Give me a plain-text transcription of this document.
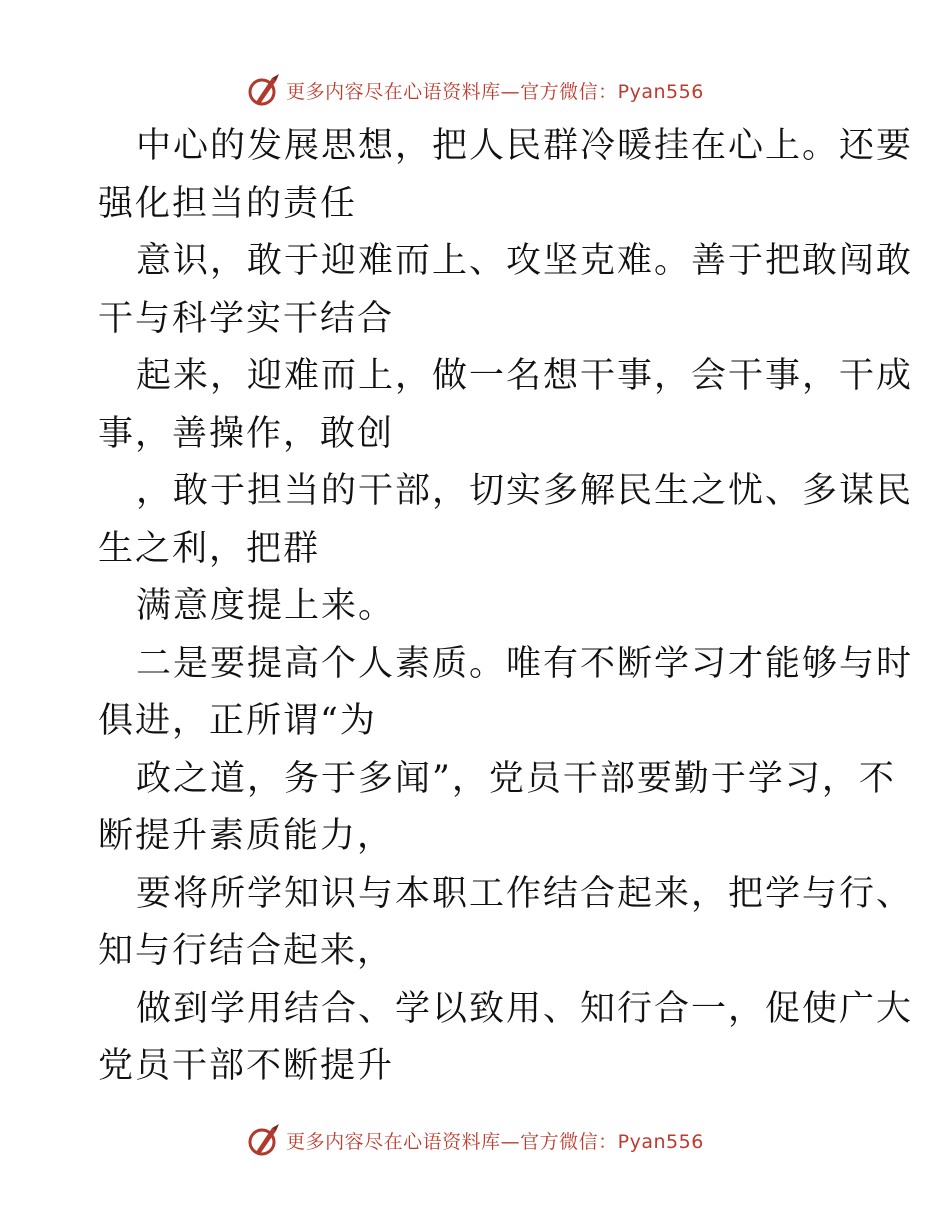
更多内容尽在心语资料库—官方微信：Pyan556
中心的发展思想，把人民群冷暖挂在心上。还要
强化担当的责任
意识，敢于迎难而上、攻坚克难。善于把敢闯敢
干与科学实干结合
起来，迎难而上，做一名想干事，会干事，干成
事，善操作，敢创
，敢于担当的干部，切实多解民生之忧、多谋民
生之利，把群
满意度提上来。
二是要提高个人素质。唯有不断学习才能够与时
俱进，正所谓“为
政之道，务于多闻”，党员干部要勤于学习，不
断提升素质能力，
要将所学知识与本职工作结合起来，把学与行、
知与行结合起来，
做到学用结合、学以致用、知行合一，促使广大
党员干部不断提升
更多内容尽在心语资料库—官方微信：Pyan556
